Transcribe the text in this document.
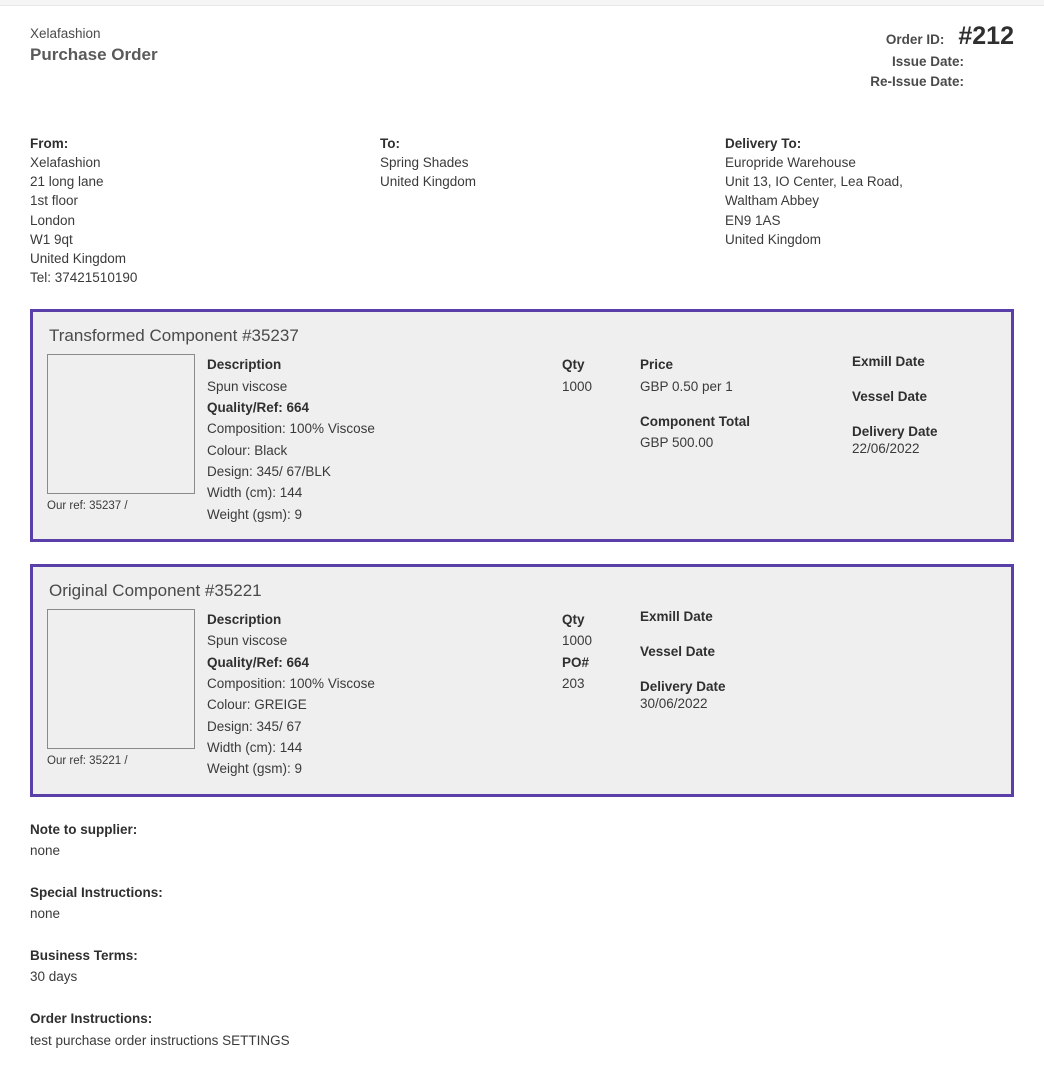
Xelafashion
Purchase Order
Order ID: #212
Issue Date:
Re-Issue Date:
From:
Xelafashion
21 long lane
1st floor
London
W1 9qt
United Kingdom
Tel: 37421510190
To:
Spring Shades
United Kingdom
Delivery To:
Europride Warehouse
Unit 13, IO Center, Lea Road,
Waltham Abbey
EN9 1AS
United Kingdom
Transformed Component #35237
Our ref: 35237 /
Description
Spun viscose
Quality/Ref: 664
Composition: 100% Viscose
Colour: Black
Design: 345/ 67/BLK
Width (cm): 144
Weight (gsm): 9
Qty
1000
Price
GBP 0.50 per 1
Component Total
GBP 500.00
Exmill Date
Vessel Date
Delivery Date
22/06/2022
Original Component #35221
Our ref: 35221 /
Description
Spun viscose
Quality/Ref: 664
Composition: 100% Viscose
Colour: GREIGE
Design: 345/ 67
Width (cm): 144
Weight (gsm): 9
Qty
1000
PO#
203
Exmill Date
Vessel Date
Delivery Date
30/06/2022
Note to supplier:
none
Special Instructions:
none
Business Terms:
30 days
Order Instructions:
test purchase order instructions SETTINGS
